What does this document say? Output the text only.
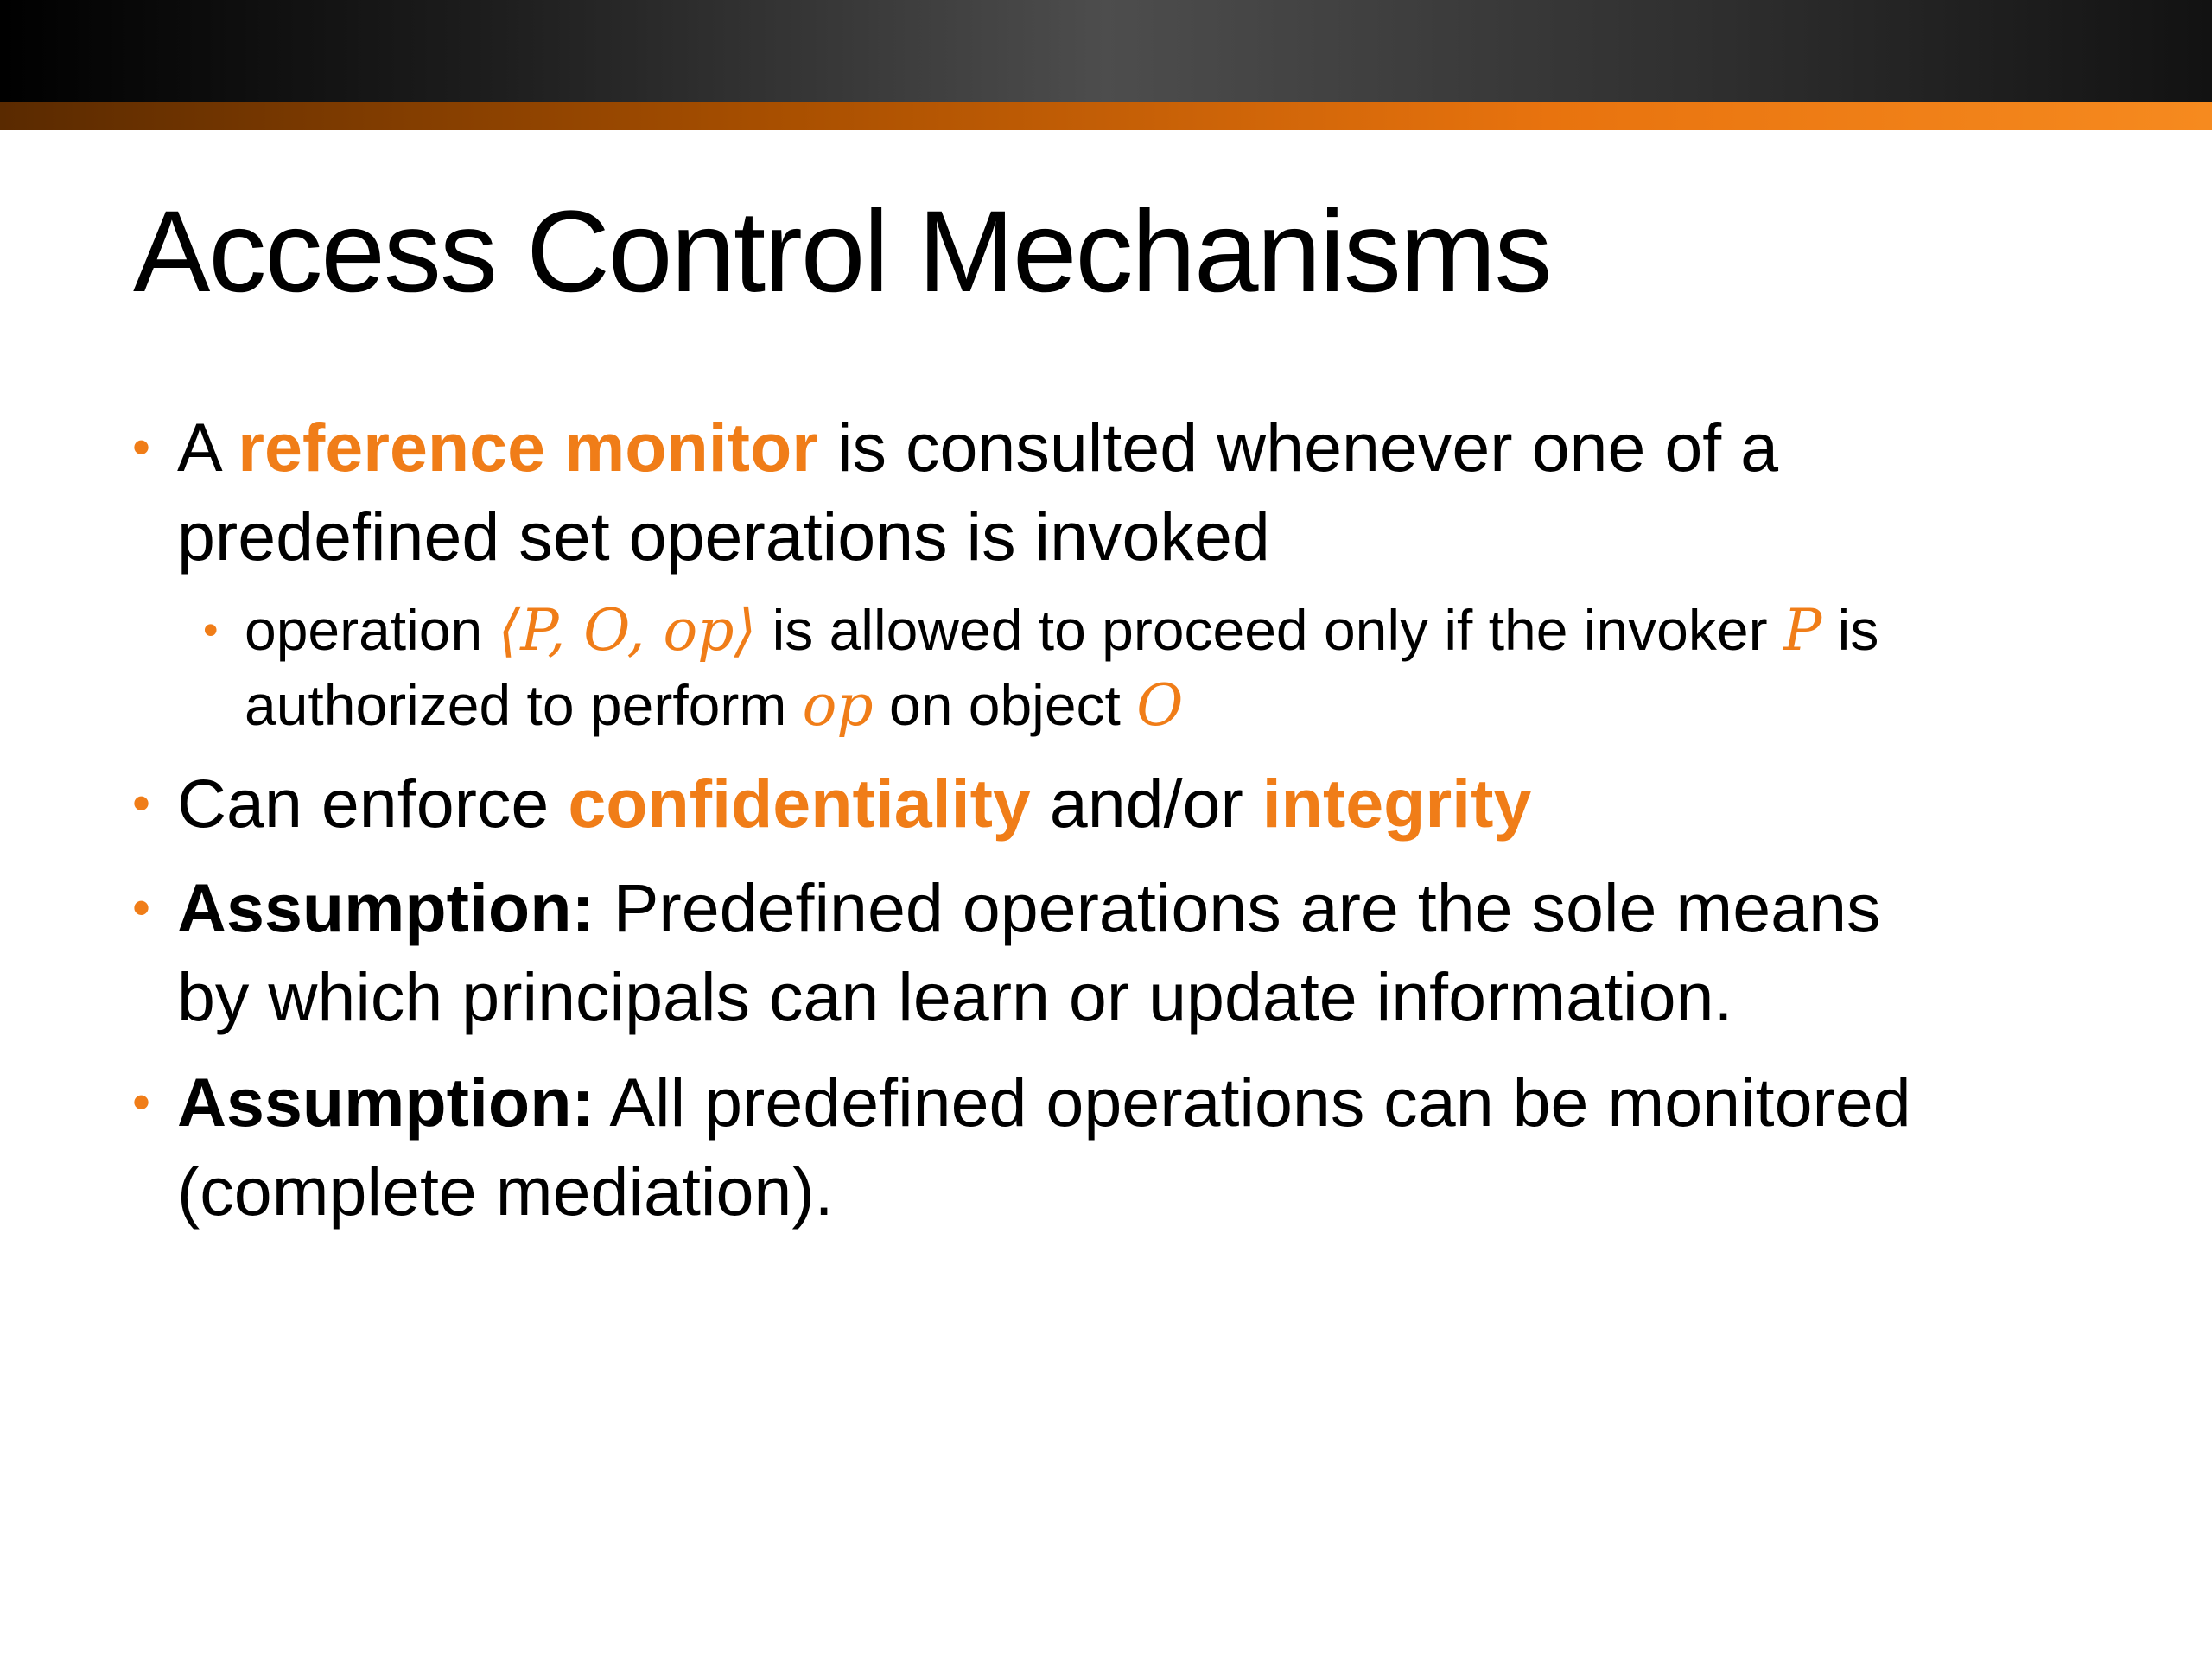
Access Control Mechanisms
• A reference monitor is consulted whenever one of a
predefined set operations is invoked
• operation ⟨P, O, op⟩ is allowed to proceed only if the invoker P is
authorized to perform op on object O
• Can enforce confidentiality and/or integrity
• Assumption: Predefined operations are the sole means
by which principals can learn or update information.
• Assumption: All predefined operations can be monitored
(complete mediation).
